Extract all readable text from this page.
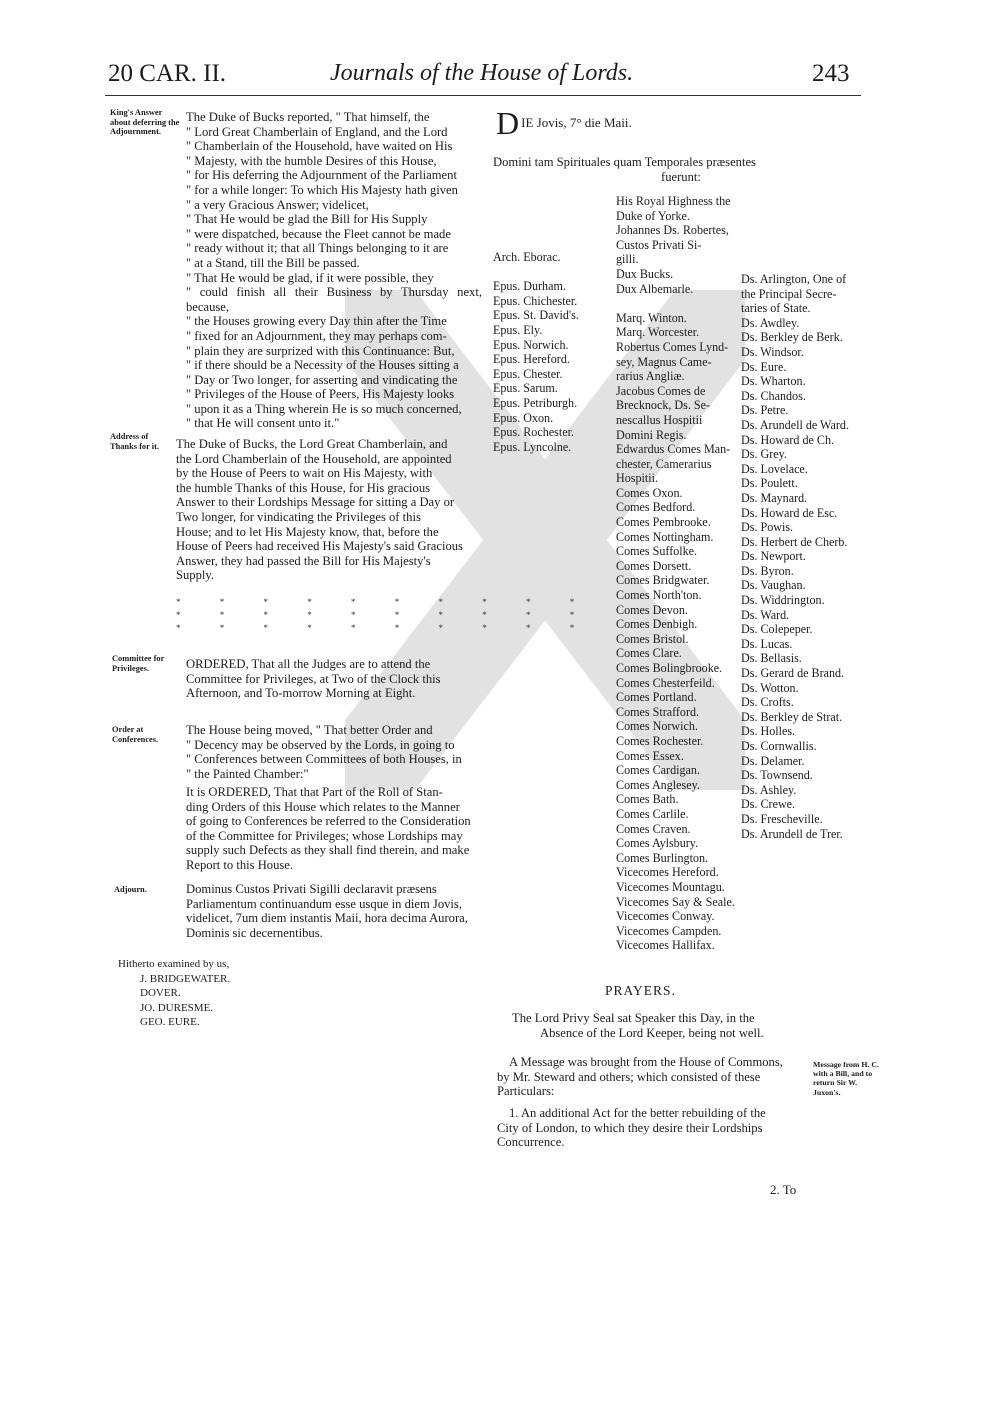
20 CAR. II.	Journals of the House of Lords.	243
King's Answer about deferring the Adjournment.
Address of Thanks for it.
Committee for Privileges.
Order at Conferences.
Adjourn.
The Duke of Bucks reported, " That himself, the
" Lord Great Chamberlain of England, and the Lord
" Chamberlain of the Household, have waited on His
" Majesty, with the humble Desires of this House,
" for His deferring the Adjournment of the Parliament
" for a while longer: To which His Majesty hath given
" a very Gracious Answer; videlicet,
" That He would be glad the Bill for His Supply
" were dispatched, because the Fleet cannot be made
" ready without it; that all Things belonging to it are
" at a Stand, till the Bill be passed.
" That He would be glad, if it were possible, they
" could finish all their Business by Thursday next, because,
" the Houses growing every Day thin after the Time
" fixed for an Adjournment, they may perhaps com-
" plain they are surprized with this Continuance: But,
" if there should be a Necessity of the Houses sitting a
" Day or Two longer, for asserting and vindicating the
" Privileges of the House of Peers, His Majesty looks
" upon it as a Thing wherein He is so much concerned,
" that He will consent unto it."
The Duke of Bucks, the Lord Great Chamberlain, and
the Lord Chamberlain of the Household, are appointed
by the House of Peers to wait on His Majesty, with
the humble Thanks of this House, for His gracious
Answer to their Lordships Message for sitting a Day or
Two longer, for vindicating the Privileges of this
House; and to let His Majesty know, that, before the
House of Peers had received His Majesty's said Gracious
Answer, they had passed the Bill for His Majesty's
Supply.
* * * * * * * * * *
* * * * * * * * * *
* * * * * * * * * *
ORDERED, That all the Judges are to attend the
Committee for Privileges, at Two of the Clock this
Afternoon, and To-morrow Morning at Eight.
The House being moved, " That better Order and
" Decency may be observed by the Lords, in going to
" Conferences between Committees of both Houses, in
" the Painted Chamber:"
It is ORDERED, That that Part of the Roll of Stan-
ding Orders of this House which relates to the Manner
of going to Conferences be referred to the Consideration
of the Committee for Privileges; whose Lordships may
supply such Defects as they shall find therein, and make
Report to this House.
Dominus Custos Privati Sigilli declaravit præsens
Parliamentum continuandum esse usque in diem Jovis,
videlicet, 7um diem instantis Maii, hora decima Aurora,
Dominis sic decernentibus.
Hitherto examined by us,
J. BRIDGEWATER.
DOVER.
JO. DURESME.
GEO. EURE.
DIE Jovis, 7° die Maii.
Domini tam Spirituales quam Temporales præsentes
fuerunt:
Arch. Eborac.
Epus. Durham.
Epus. Chichester.
Epus. St. David's.
Epus. Ely.
Epus. Norwich.
Epus. Hereford.
Epus. Chester.
Epus. Sarum.
Epus. Petriburgh.
Epus. Oxon.
Epus. Rochester.
Epus. Lyncolne.
His Royal Highness the
Duke of Yorke.
Johannes Ds. Robertes,
Custos Privati Si-
gilli.
Dux Bucks.
Dux Albemarle.
Marq. Winton.
Marq. Worcester.
Robertus Comes Lynd-
sey, Magnus Came-
rarius Angliæ.
Jacobus Comes de
Brecknock, Ds. Se-
nescallus Hospitii
Domini Regis.
Edwardus Comes Man-
chester, Camerarius
Hospitii.
Comes Oxon.
Comes Bedford.
Comes Pembrooke.
Comes Nottingham.
Comes Suffolke.
Comes Dorsett.
Comes Bridgwater.
Comes North'ton.
Comes Devon.
Comes Denbigh.
Comes Bristol.
Comes Clare.
Comes Bolingbrooke.
Comes Chesterfeild.
Comes Portland.
Comes Strafford.
Comes Norwich.
Comes Rochester.
Comes Essex.
Comes Cardigan.
Comes Anglesey.
Comes Bath.
Comes Carlile.
Comes Craven.
Comes Aylsbury.
Comes Burlington.
Vicecomes Hereford.
Vicecomes Mountagu.
Vicecomes Say & Seale.
Vicecomes Conway.
Vicecomes Campden.
Vicecomes Hallifax.
Ds. Arlington, One of
the Principal Secre-
taries of State.
Ds. Awdley.
Ds. Berkley de Berk.
Ds. Windsor.
Ds. Eure.
Ds. Wharton.
Ds. Chandos.
Ds. Petre.
Ds. Arundell de Ward.
Ds. Howard de Ch.
Ds. Grey.
Ds. Lovelace.
Ds. Poulett.
Ds. Maynard.
Ds. Howard de Esc.
Ds. Powis.
Ds. Herbert de Cherb.
Ds. Newport.
Ds. Byron.
Ds. Vaughan.
Ds. Widdrington.
Ds. Ward.
Ds. Colepeper.
Ds. Lucas.
Ds. Bellasis.
Ds. Gerard de Brand.
Ds. Wotton.
Ds. Crofts.
Ds. Berkley de Strat.
Ds. Holles.
Ds. Cornwallis.
Ds. Delamer.
Ds. Townsend.
Ds. Ashley.
Ds. Crewe.
Ds. Frescheville.
Ds. Arundell de Trer.
PRAYERS.
The Lord Privy Seal sat Speaker this Day, in the
Absence of the Lord Keeper, being not well.
A Message was brought from the House of Commons,
by Mr. Steward and others; which consisted of these
Particulars:
Message from H. C. with a Bill, and to return Sir W. Juxon's.
1. An additional Act for the better rebuilding of the
City of London, to which they desire their Lordships
Concurrence.
2. To
